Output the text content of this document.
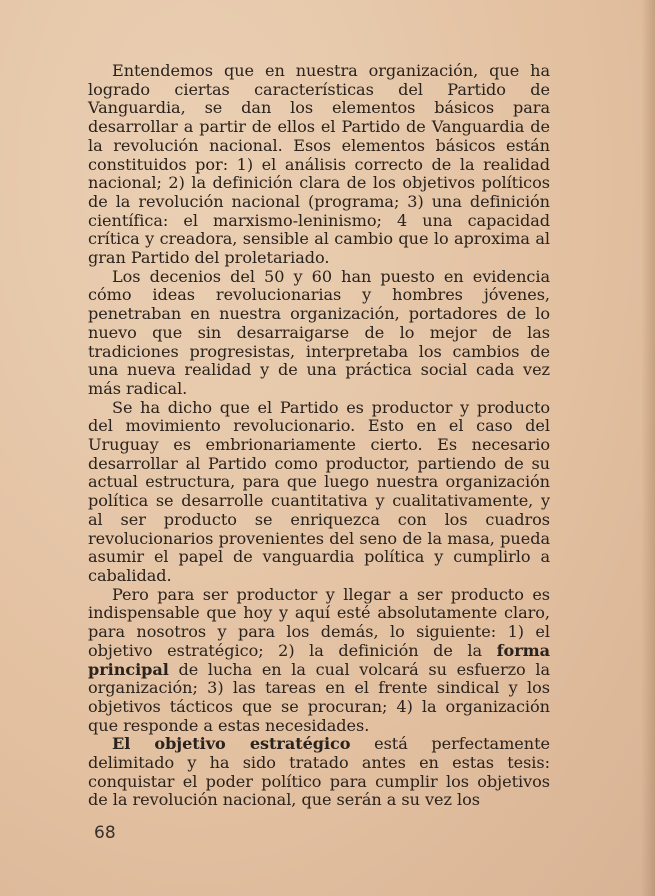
Entendemos que en nuestra organización, que ha logrado ciertas características del Partido de Vanguardia, se dan los elementos básicos para desarrollar a partir de ellos el Partido de Vanguardia de la revolución nacional. Esos elementos básicos están constituidos por: 1) el análisis correcto de la realidad nacional; 2) la definición clara de los objetivos políticos de la revolución nacional (programa; 3) una definición científica: el marxismo-leninismo; 4 una capacidad crítica y creadora, sensible al cambio que lo aproxima al gran Partido del proletariado.

Los decenios del 50 y 60 han puesto en evidencia cómo ideas revolucionarias y hombres jóvenes, penetraban en nuestra organización, portadores de lo nuevo que sin desarraigarse de lo mejor de las tradiciones progresistas, interpretaba los cambios de una nueva realidad y de una práctica social cada vez más radical.

Se ha dicho que el Partido es productor y producto del movimiento revolucionario. Esto en el caso del Uruguay es embrionariamente cierto. Es necesario desarrollar al Partido como productor, partiendo de su actual estructura, para que luego nuestra organización política se desarrolle cuantitativa y cualitativamente, y al ser producto se enriquezca con los cuadros revolucionarios provenientes del seno de la masa, pueda asumir el papel de vanguardia política y cumplirlo a cabalidad.

Pero para ser productor y llegar a ser producto es indispensable que hoy y aquí esté absolutamente claro, para nosotros y para los demás, lo siguiente: 1) el objetivo estratégico; 2) la definición de la forma principal de lucha en la cual volcará su esfuerzo la organización; 3) las tareas en el frente sindical y los objetivos tácticos que se procuran; 4) la organización que responde a estas necesidades.

El objetivo estratégico está perfectamente delimitado y ha sido tratado antes en estas tesis: conquistar el poder político para cumplir los objetivos de la revolución nacional, que serán a su vez los

68
